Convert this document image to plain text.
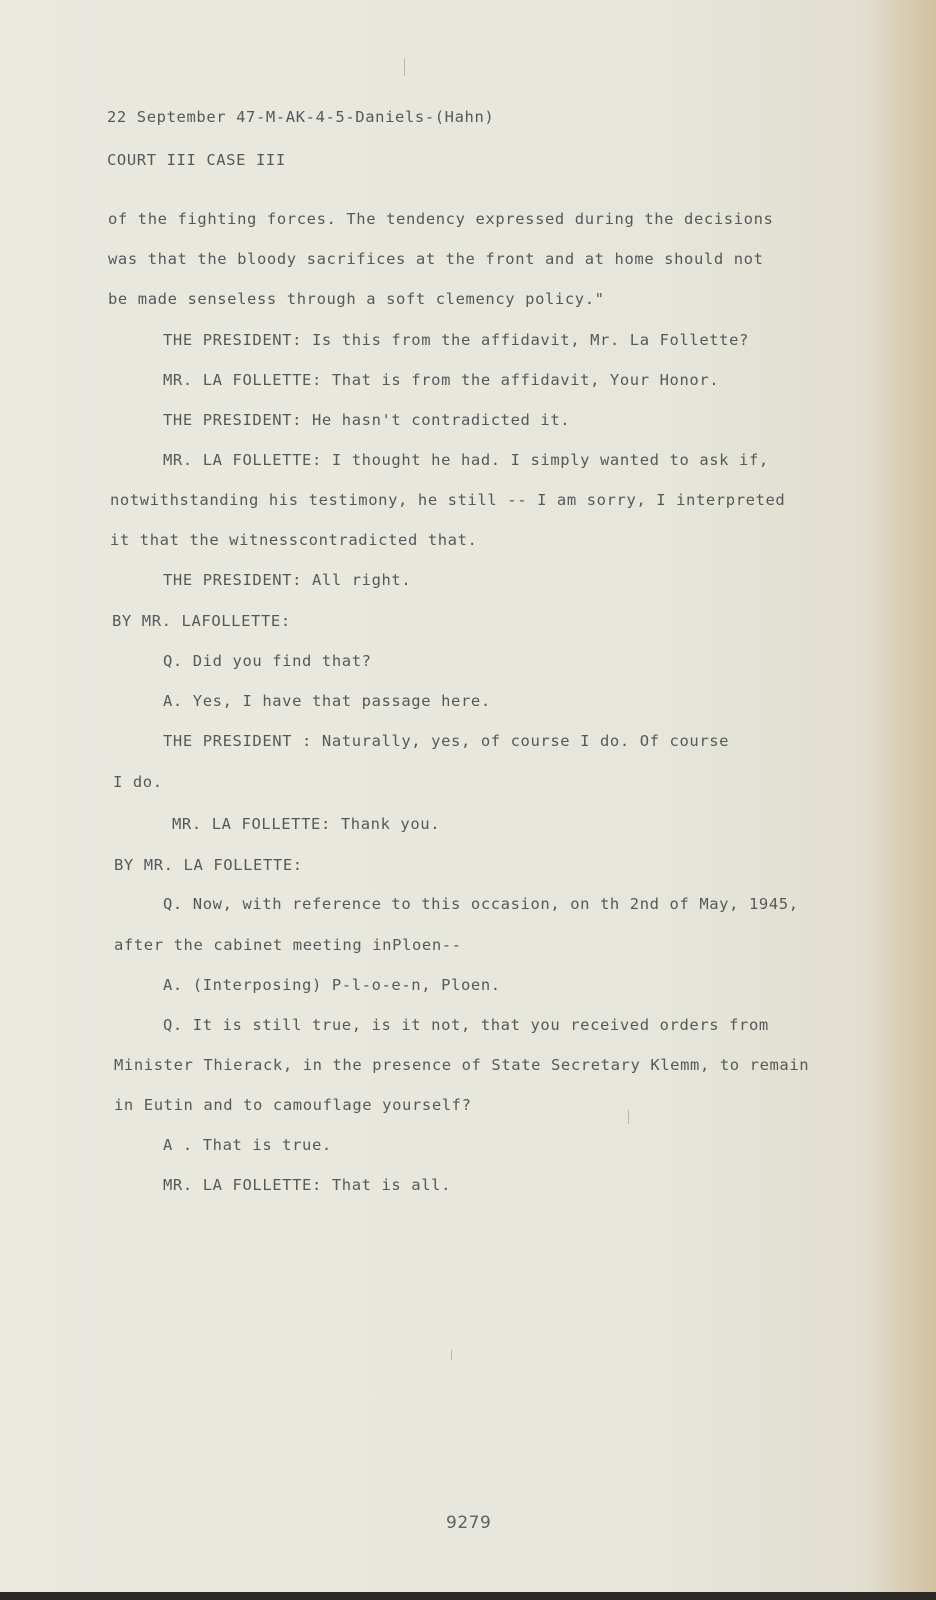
22 September 47-M-AK-4-5-Daniels-(Hahn)
COURT III CASE III
of the fighting forces. The tendency expressed during the decisions
was that the bloody sacrifices at the front and at home should not
be made senseless through a soft clemency policy."
THE PRESIDENT: Is this from the affidavit, Mr. La Follette?
MR. LA FOLLETTE: That is from the affidavit, Your Honor.
THE PRESIDENT: He hasn't contradicted it.
MR. LA FOLLETTE: I thought he had. I simply wanted to ask if,
notwithstanding his testimony, he still -- I am sorry, I interpreted
it that the witnesscontradicted that.
THE PRESIDENT: All right.
BY MR. LAFOLLETTE:
Q. Did you find that?
A. Yes, I have that passage here.
THE PRESIDENT : Naturally, yes, of course I do. Of course
I do.
MR. LA FOLLETTE: Thank you.
BY MR. LA FOLLETTE:
Q. Now, with reference to this occasion, on th 2nd of May, 1945,
after the cabinet meeting inPloen--
A. (Interposing) P-l-o-e-n, Ploen.
Q. It is still true, is it not, that you received orders from
Minister Thierack, in the presence of State Secretary Klemm, to remain
in Eutin and to camouflage yourself?
A . That is true.
MR. LA FOLLETTE: That is all.
9279
